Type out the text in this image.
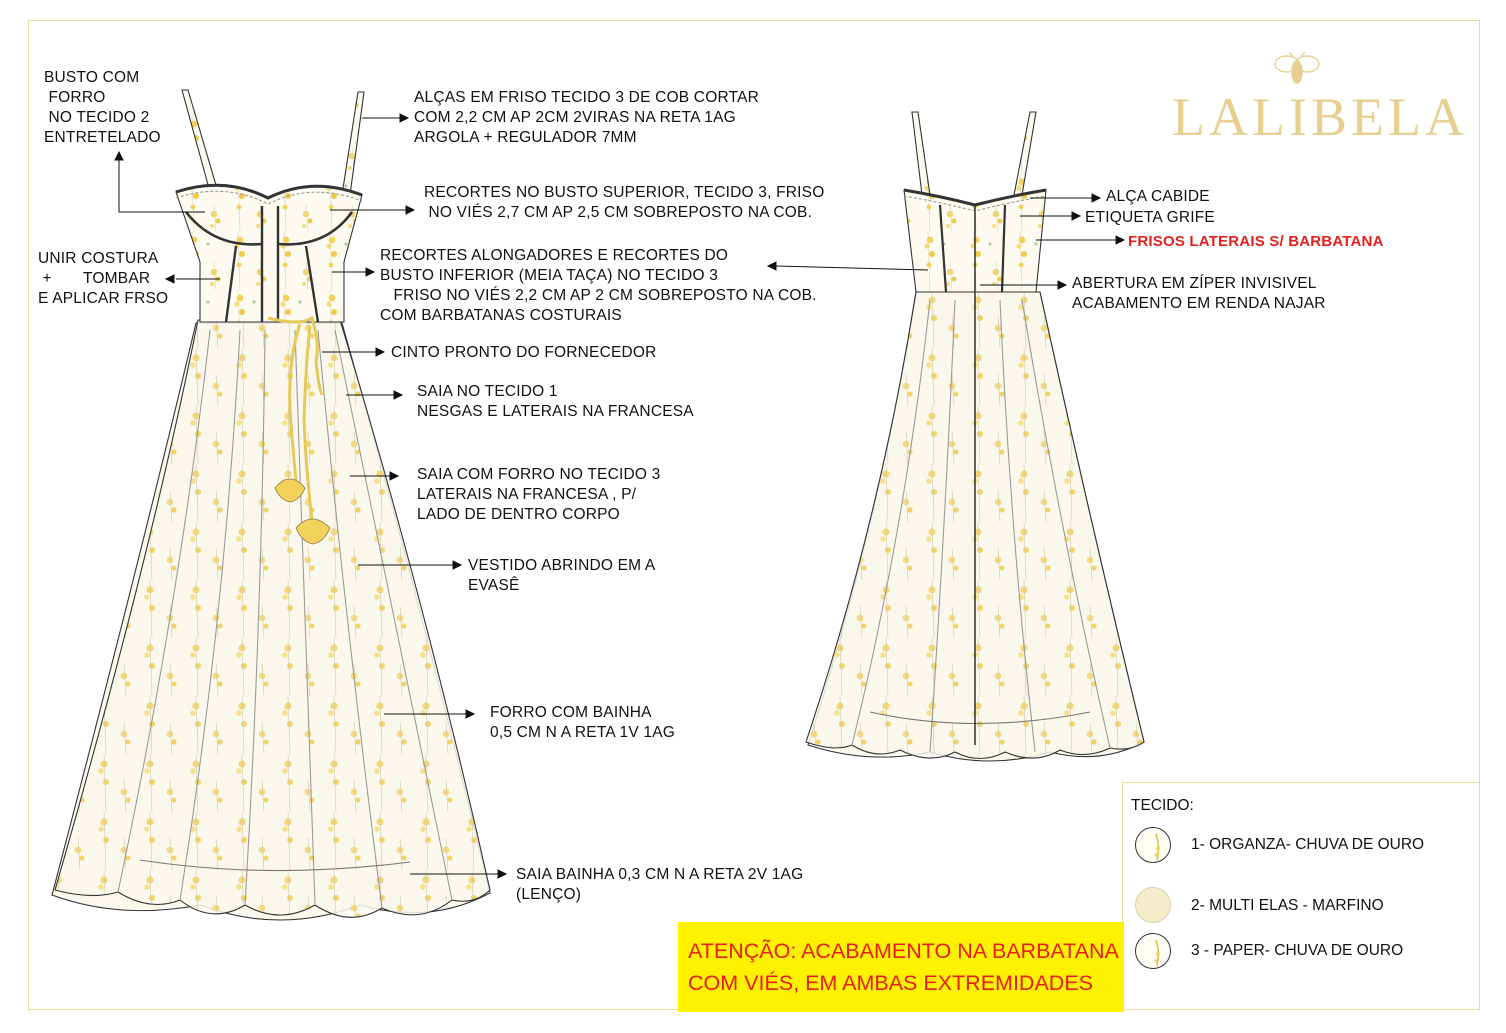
LALIBELA
BUSTO COM
FORRO
NO TECIDO 2
ENTRETELADO
ALÇAS EM FRISO TECIDO 3 DE COB CORTAR
COM 2,2 CM AP 2CM 2VIRAS NA RETA 1AG
ARGOLA + REGULADOR 7MM
RECORTES NO BUSTO SUPERIOR, TECIDO 3, FRISO
NO VIÉS 2,7 CM AP 2,5 CM SOBREPOSTO NA COB.
UNIR COSTURA
+       TOMBAR
E APLICAR FRSO
RECORTES ALONGADORES E RECORTES DO
BUSTO INFERIOR (MEIA TAÇA) NO TECIDO 3
FRISO NO VIÉS 2,2 CM AP 2 CM SOBREPOSTO NA COB.
COM BARBATANAS COSTURAIS
CINTO PRONTO DO FORNECEDOR
SAIA NO TECIDO 1
NESGAS E LATERAIS NA FRANCESA
SAIA COM FORRO NO TECIDO 3
LATERAIS NA FRANCESA , P/
LADO DE DENTRO CORPO
VESTIDO ABRINDO EM A
EVASÊ
FORRO COM BAINHA
0,5 CM N A RETA 1V 1AG
SAIA BAINHA 0,3 CM N A RETA 2V 1AG
(LENÇO)
ALÇA CABIDE
ETIQUETA GRIFE
FRISOS LATERAIS S/ BARBATANA
ABERTURA EM ZÍPER INVISIVEL
ACABAMENTO EM RENDA NAJAR
TECIDO:
1- ORGANZA- CHUVA DE OURO
2- MULTI ELAS - MARFINO
3 - PAPER- CHUVA DE OURO
ATENÇÃO: ACABAMENTO NA BARBATANA
COM VIÉS, EM AMBAS EXTREMIDADES
